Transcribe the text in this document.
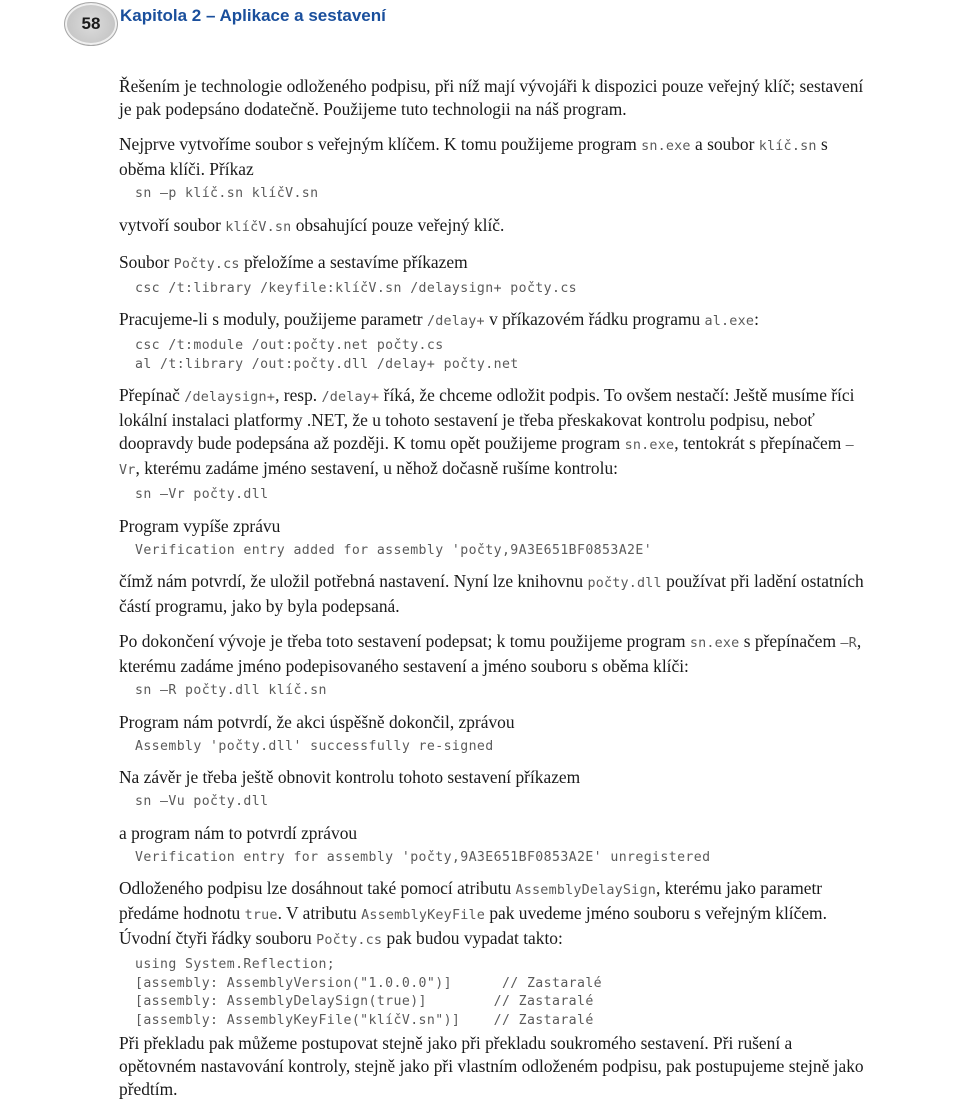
58	Kapitola 2 – Aplikace a sestavení

Řešením je technologie odloženého podpisu, při níž mají vývojáři k dispozici pouze veřejný klíč; sestavení je pak podepsáno dodatečně. Použijeme tuto technologii na náš program.

Nejprve vytvoříme soubor s veřejným klíčem. K tomu použijeme program sn.exe a soubor klíč.sn s oběma klíči. Příkaz

sn –p klíč.sn klíčV.sn

vytvoří soubor klíčV.sn obsahující pouze veřejný klíč.

Soubor Počty.cs přeložíme a sestavíme příkazem

csc /t:library /keyfile:klíčV.sn /delaysign+ počty.cs

Pracujeme-li s moduly, použijeme parametr /delay+ v příkazovém řádku programu al.exe:

csc /t:module /out:počty.net počty.cs
al /t:library /out:počty.dll /delay+ počty.net

Přepínač /delaysign+, resp. /delay+ říká, že chceme odložit podpis. To ovšem nestačí: Ještě musíme říci lokální instalaci platformy .NET, že u tohoto sestavení je třeba přeskakovat kontrolu podpisu, neboť doopravdy bude podepsána až později. K tomu opět použijeme program sn.exe, tentokrát s přepínačem –Vr, kterému zadáme jméno sestavení, u něhož dočasně rušíme kontrolu:

sn –Vr počty.dll

Program vypíše zprávu

Verification entry added for assembly 'počty,9A3E651BF0853A2E'

čímž nám potvrdí, že uložil potřebná nastavení. Nyní lze knihovnu počty.dll používat při ladění ostatních částí programu, jako by byla podepsaná.

Po dokončení vývoje je třeba toto sestavení podepsat; k tomu použijeme program sn.exe s přepínačem –R, kterému zadáme jméno podepisovaného sestavení a jméno souboru s oběma klíči:

sn –R počty.dll klíč.sn

Program nám potvrdí, že akci úspěšně dokončil, zprávou

Assembly 'počty.dll' successfully re-signed

Na závěr je třeba ještě obnovit kontrolu tohoto sestavení příkazem

sn –Vu počty.dll

a program nám to potvrdí zprávou

Verification entry for assembly 'počty,9A3E651BF0853A2E' unregistered

Odloženého podpisu lze dosáhnout také pomocí atributu AssemblyDelaySign, kterému jako parametr předáme hodnotu true. V atributu AssemblyKeyFile pak uvedeme jméno souboru s veřejným klíčem. Úvodní čtyři řádky souboru Počty.cs pak budou vypadat takto:

using System.Reflection;
[assembly: AssemblyVersion("1.0.0.0")]      // Zastaralé
[assembly: AssemblyDelaySign(true)]        // Zastaralé
[assembly: AssemblyKeyFile("klíčV.sn")]    // Zastaralé

Při překladu pak můžeme postupovat stejně jako při překladu soukromého sestavení. Při rušení a opětovném nastavování kontroly, stejně jako při vlastním odloženém podpisu, pak postupujeme stejně jako předtím.
